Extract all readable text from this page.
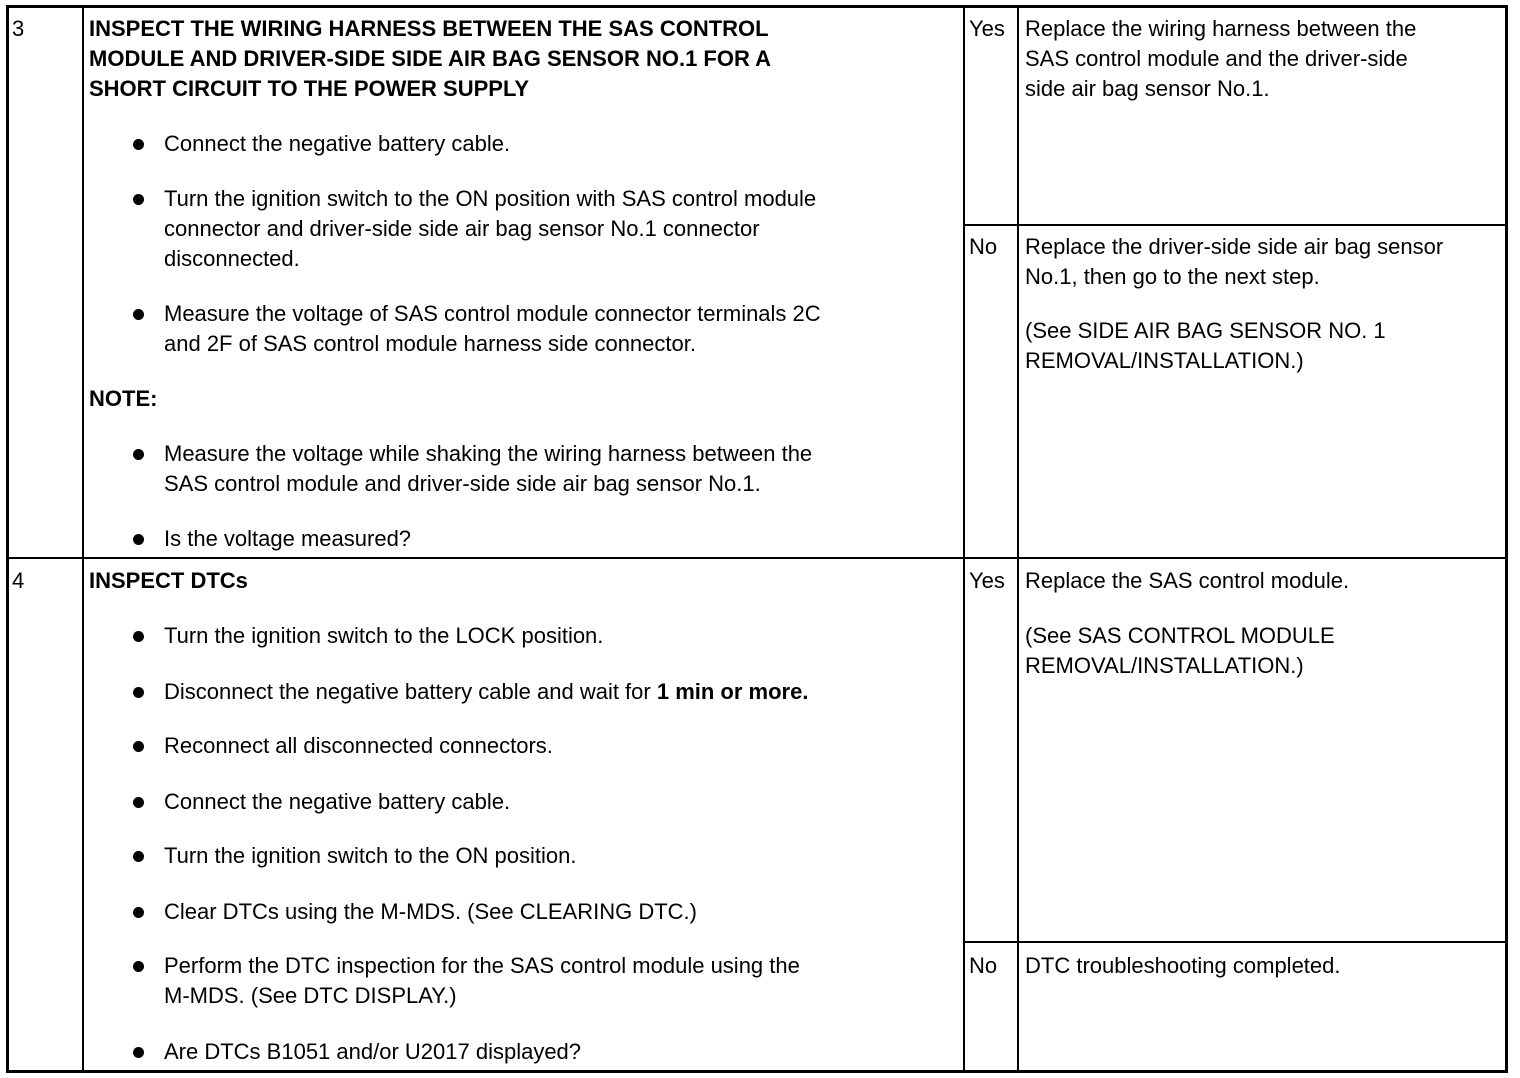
3	INSPECT THE WIRING HARNESS BETWEEN THE SAS CONTROL
MODULE AND DRIVER-SIDE SIDE AIR BAG SENSOR NO.1 FOR A
SHORT CIRCUIT TO THE POWER SUPPLY
Connect the negative battery cable.
Turn the ignition switch to the ON position with SAS control module
connector and driver-side side air bag sensor No.1 connector
disconnected.
Measure the voltage of SAS control module connector terminals 2C
and 2F of SAS control module harness side connector.
NOTE:
Measure the voltage while shaking the wiring harness between the
SAS control module and driver-side side air bag sensor No.1.
Is the voltage measured?
Yes Replace the wiring harness between the
SAS control module and the driver-side
side air bag sensor No.1.
No Replace the driver-side side air bag sensor
No.1, then go to the next step.
(See SIDE AIR BAG SENSOR NO. 1
REMOVAL/INSTALLATION.)
4	INSPECT DTCs
Turn the ignition switch to the LOCK position.
Disconnect the negative battery cable and wait for 1 min or more.
Reconnect all disconnected connectors.
Connect the negative battery cable.
Turn the ignition switch to the ON position.
Clear DTCs using the M-MDS. (See CLEARING DTC.)
Perform the DTC inspection for the SAS control module using the
M-MDS. (See DTC DISPLAY.)
Are DTCs B1051 and/or U2017 displayed?
Yes Replace the SAS control module.
(See SAS CONTROL MODULE
REMOVAL/INSTALLATION.)
No DTC troubleshooting completed.
